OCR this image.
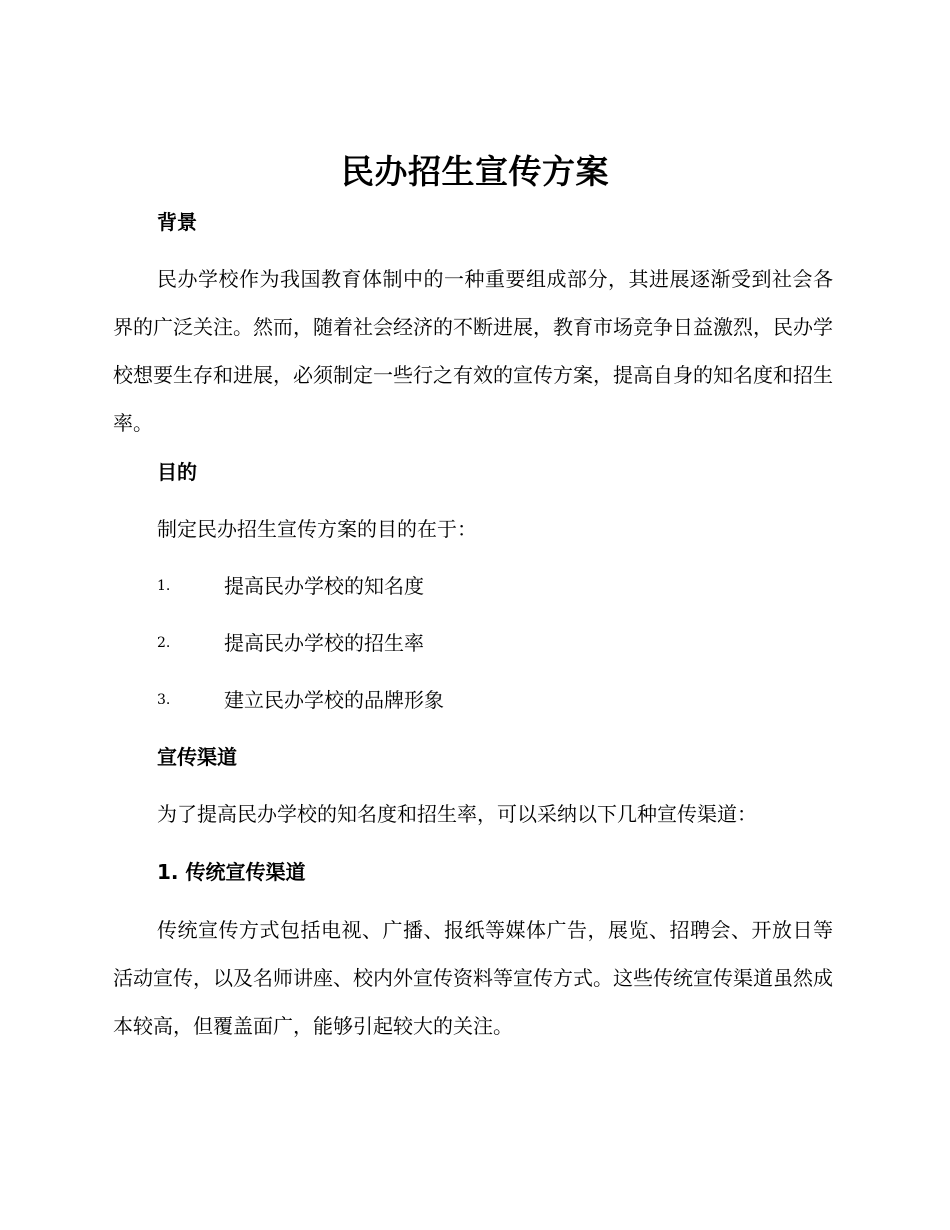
民办招生宣传方案
背景

民办学校作为我国教育体制中的一种重要组成部分，其进展逐渐受到社会各界的广泛关注。然而，随着社会经济的不断进展，教育市场竞争日益激烈，民办学校想要生存和进展，必须制定一些行之有效的宣传方案，提高自身的知名度和招生率。

目的

制定民办招生宣传方案的目的在于：

1.	提高民办学校的知名度
2.	提高民办学校的招生率
3.	建立民办学校的品牌形象
宣传渠道

为了提高民办学校的知名度和招生率，可以采纳以下几种宣传渠道：

1. 传统宣传渠道

传统宣传方式包括电视、广播、报纸等媒体广告，展览、招聘会、开放日等活动宣传，以及名师讲座、校内外宣传资料等宣传方式。这些传统宣传渠道虽然成本较高，但覆盖面广，能够引起较大的关注。
